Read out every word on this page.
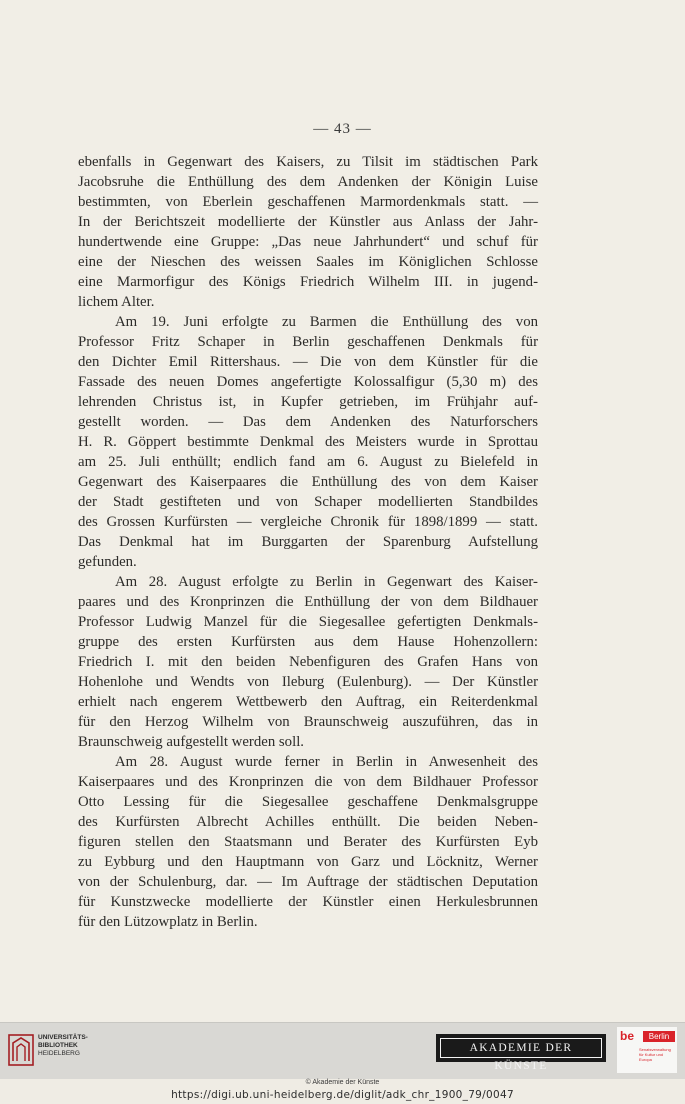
— 43 —
ebenfalls in Gegenwart des Kaisers, zu Tilsit im städtischen Park
Jacobsruhe die Enthüllung des dem Andenken der Königin Luise
bestimmten, von Eberlein geschaffenen Marmordenkmals statt. —
In der Berichtszeit modellierte der Künstler aus Anlass der Jahr-
hundertwende eine Gruppe: „Das neue Jahrhundert“ und schuf für
eine der Nieschen des weissen Saales im Königlichen Schlosse
eine Marmorfigur des Königs Friedrich Wilhelm III. in jugend-
lichem Alter.
Am 19. Juni erfolgte zu Barmen die Enthüllung des von
Professor Fritz Schaper in Berlin geschaffenen Denkmals für
den Dichter Emil Rittershaus. — Die von dem Künstler für die
Fassade des neuen Domes angefertigte Kolossalfigur (5,30 m) des
lehrenden Christus ist, in Kupfer getrieben, im Frühjahr auf-
gestellt worden. — Das dem Andenken des Naturforschers
H. R. Göppert bestimmte Denkmal des Meisters wurde in Sprottau
am 25. Juli enthüllt; endlich fand am 6. August zu Bielefeld in
Gegenwart des Kaiserpaares die Enthüllung des von dem Kaiser
der Stadt gestifteten und von Schaper modellierten Standbildes
des Grossen Kurfürsten — vergleiche Chronik für 1898/1899 — statt.
Das Denkmal hat im Burggarten der Sparenburg Aufstellung
gefunden.
Am 28. August erfolgte zu Berlin in Gegenwart des Kaiser-
paares und des Kronprinzen die Enthüllung der von dem Bildhauer
Professor Ludwig Manzel für die Siegesallee gefertigten Denkmals-
gruppe des ersten Kurfürsten aus dem Hause Hohenzollern:
Friedrich I. mit den beiden Nebenfiguren des Grafen Hans von
Hohenlohe und Wendts von Ileburg (Eulenburg). — Der Künstler
erhielt nach engerem Wettbewerb den Auftrag, ein Reiterdenkmal
für den Herzog Wilhelm von Braunschweig auszuführen, das in
Braunschweig aufgestellt werden soll.
Am 28. August wurde ferner in Berlin in Anwesenheit des
Kaiserpaares und des Kronprinzen die von dem Bildhauer Professor
Otto Lessing für die Siegesallee geschaffene Denkmalsgruppe
des Kurfürsten Albrecht Achilles enthüllt. Die beiden Neben-
figuren stellen den Staatsmann und Berater des Kurfürsten Eyb
zu Eybburg und den Hauptmann von Garz und Löcknitz, Werner
von der Schulenburg, dar. — Im Auftrage der städtischen Deputation
für Kunstzwecke modellierte der Künstler einen Herkulesbrunnen
für den Lützowplatz in Berlin.
UNIVERSITÄTS-
BIBLIOTHEK
HEIDELBERG	AKADEMIE DER KÜNSTE
be	Berlin
Senatsverwaltung für Kultur und Europa
© Akademie der Künste
https://digi.ub.uni-heidelberg.de/diglit/adk_chr_1900_79/0047
